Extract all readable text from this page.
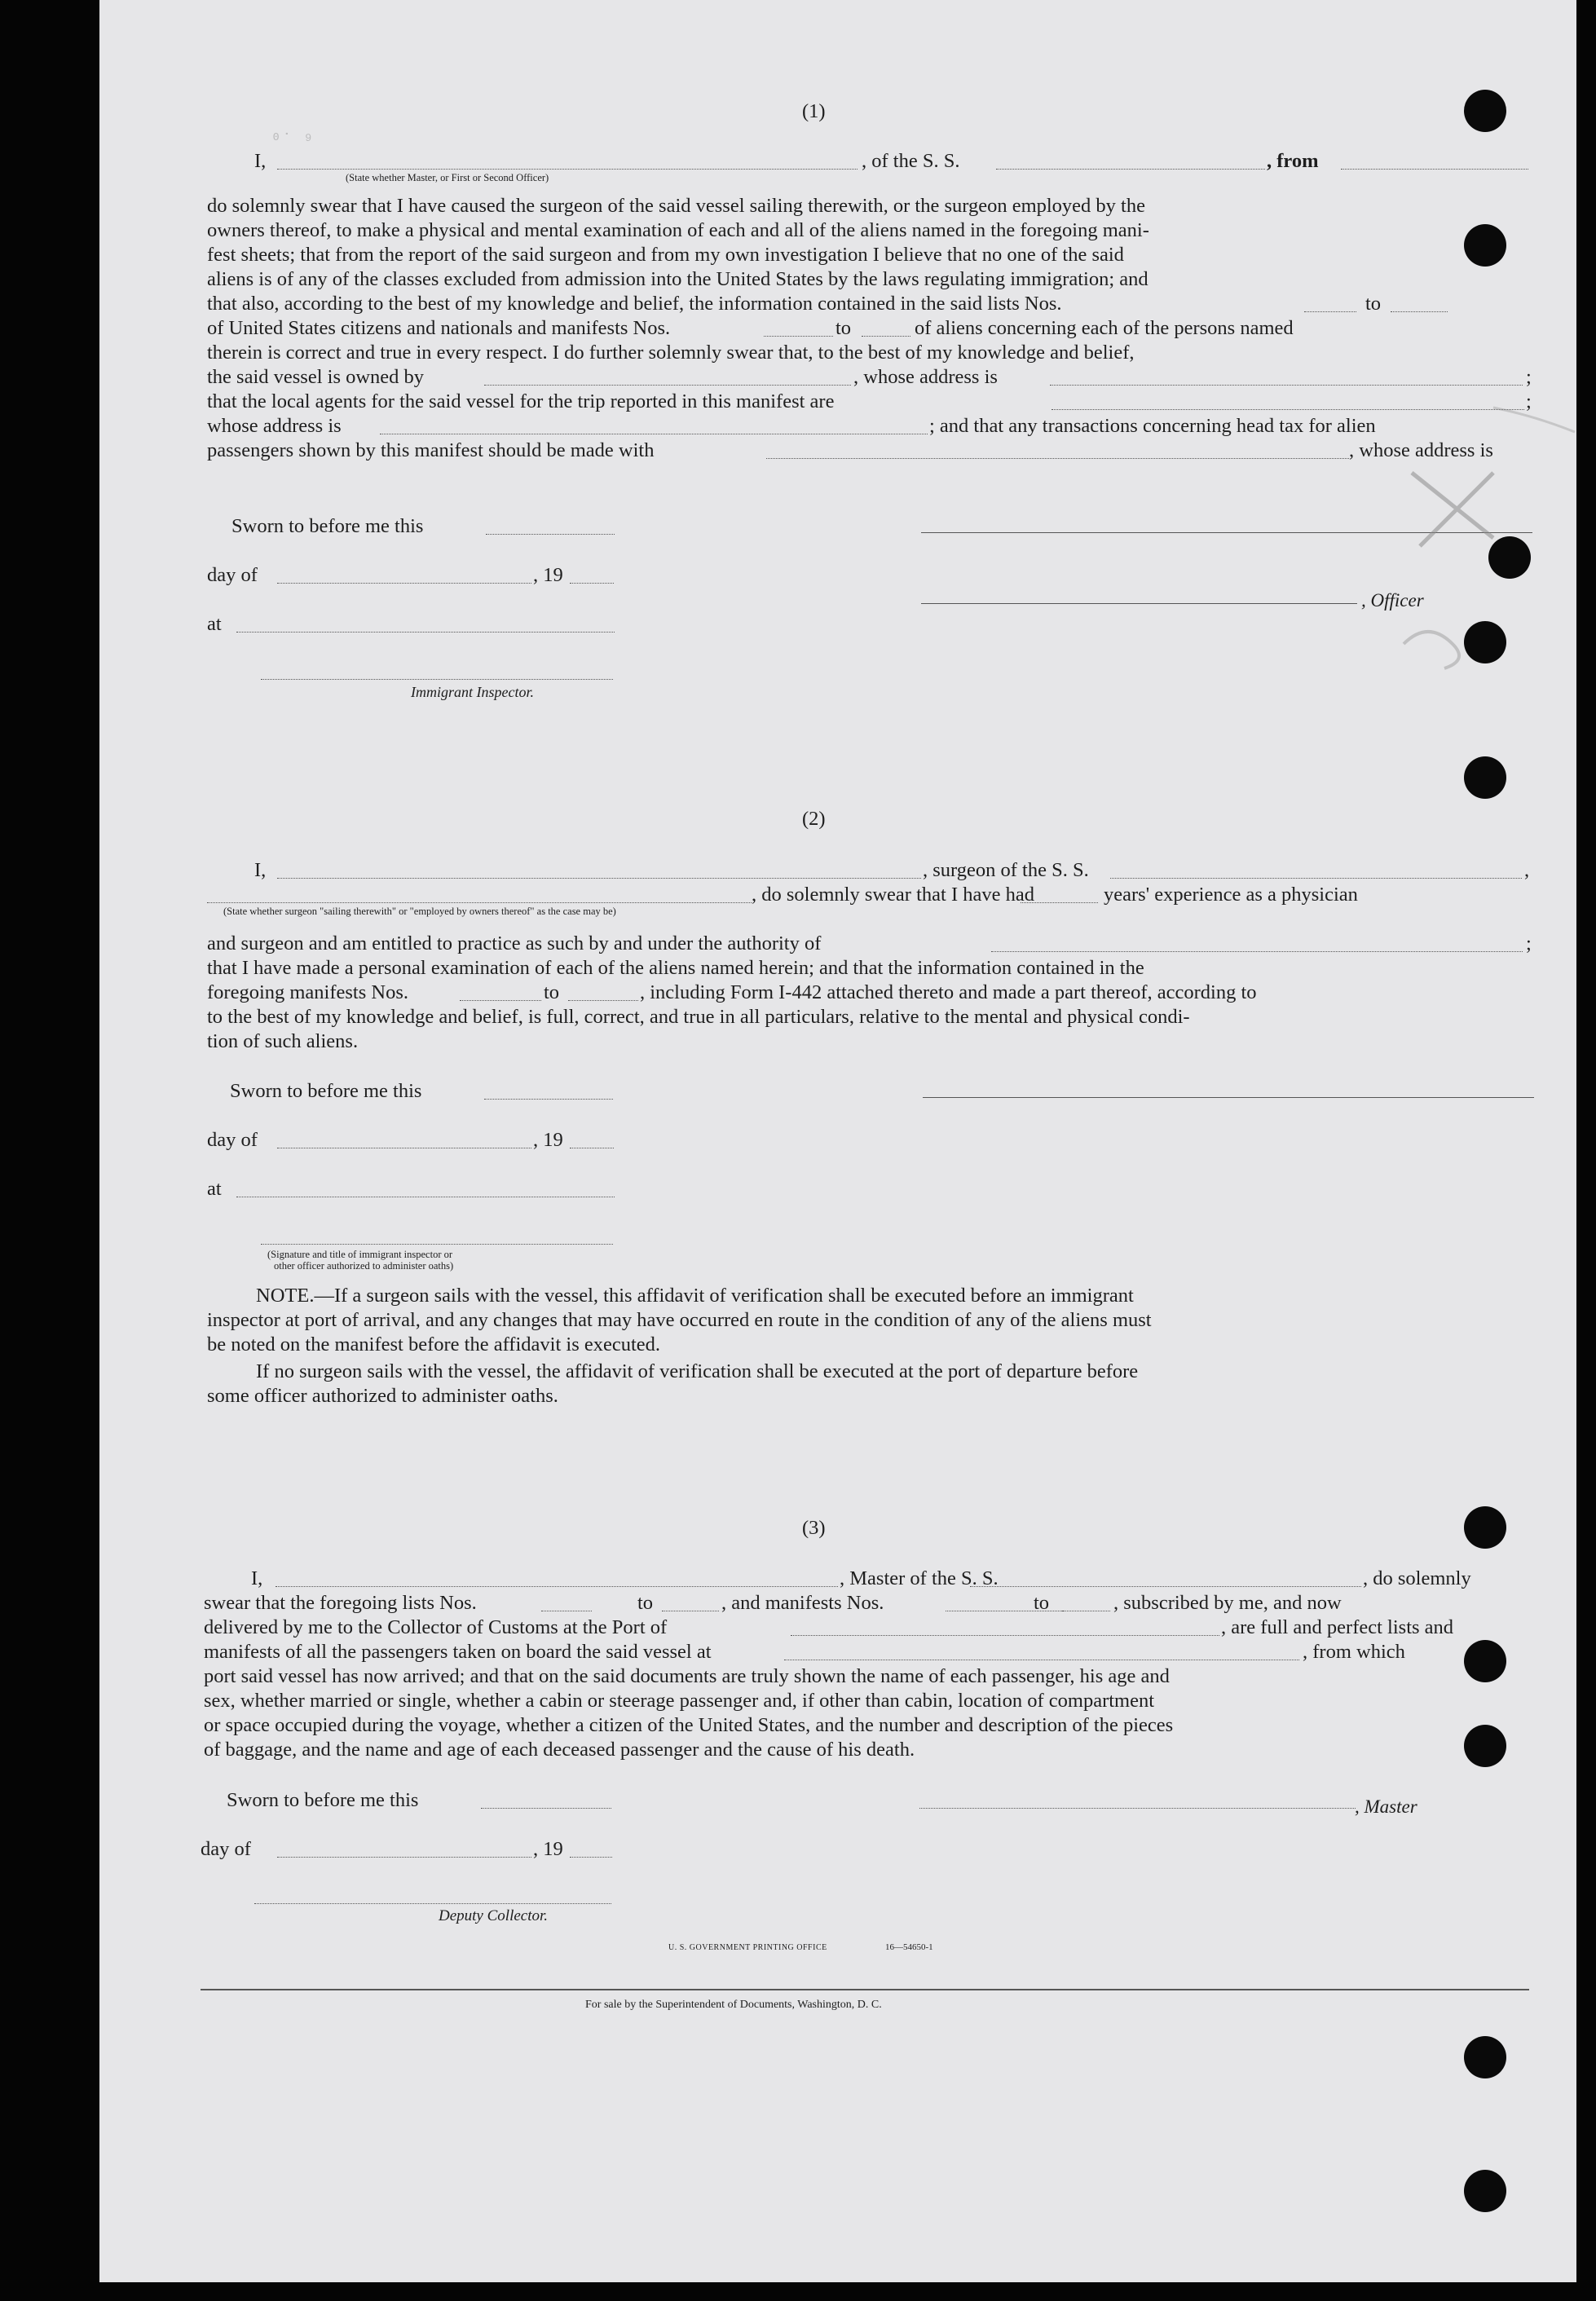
⁰˙ ⁹
(1)
I,	, of the S. S.	, from
(State whether Master, or First or Second Officer)
do solemnly swear that I have caused the surgeon of the said vessel sailing therewith, or the surgeon employed by the
owners thereof, to make a physical and mental examination of each and all of the aliens named in the foregoing mani-
fest sheets; that from the report of the said surgeon and from my own investigation I believe that no one of the said
aliens is of any of the classes excluded from admission into the United States by the laws regulating immigration; and
that also, according to the best of my knowledge and belief, the information contained in the said lists Nos.	to
of United States citizens and nationals and manifests Nos.	to	of aliens concerning each of the persons named
therein is correct and true in every respect. I do further solemnly swear that, to the best of my knowledge and belief,
the said vessel is owned by	, whose address is	;
that the local agents for the said vessel for the trip reported in this manifest are	;
whose address is	; and that any transactions concerning head tax for alien
passengers shown by this manifest should be made with	, whose address is
Sworn to before me this
day of	, 19
at
, Officer
Immigrant Inspector.
(2)
I,	, surgeon of the S. S.	,
, do solemnly swear that I have had	years' experience as a physician
(State whether surgeon "sailing therewith" or "employed by owners thereof" as the case may be)
and surgeon and am entitled to practice as such by and under the authority of	;
that I have made a personal examination of each of the aliens named herein; and that the information contained in the
foregoing manifests Nos.	to	, including Form I-442 attached thereto and made a part thereof, according to
to the best of my knowledge and belief, is full, correct, and true in all particulars, relative to the mental and physical condi-
tion of such aliens.
Sworn to before me this
day of	, 19
at
(Signature and title of immigrant inspector or
other officer authorized to administer oaths)
NOTE.—If a surgeon sails with the vessel, this affidavit of verification shall be executed before an immigrant
inspector at port of arrival, and any changes that may have occurred en route in the condition of any of the aliens must
be noted on the manifest before the affidavit is executed.
If no surgeon sails with the vessel, the affidavit of verification shall be executed at the port of departure before
some officer authorized to administer oaths.
(3)
I,	, Master of the S. S.	, do solemnly
swear that the foregoing lists Nos.	to	, and manifests Nos.	to	, subscribed by me, and now
delivered by me to the Collector of Customs at the Port of	, are full and perfect lists and
manifests of all the passengers taken on board the said vessel at	, from which
port said vessel has now arrived; and that on the said documents are truly shown the name of each passenger, his age and
sex, whether married or single, whether a cabin or steerage passenger and, if other than cabin, location of compartment
or space occupied during the voyage, whether a citizen of the United States, and the number and description of the pieces
of baggage, and the name and age of each deceased passenger and the cause of his death.
Sworn to before me this	, Master
day of	, 19
Deputy Collector.
U. S. GOVERNMENT PRINTING OFFICE	16—54650-1
For sale by the Superintendent of Documents, Washington, D. C.
